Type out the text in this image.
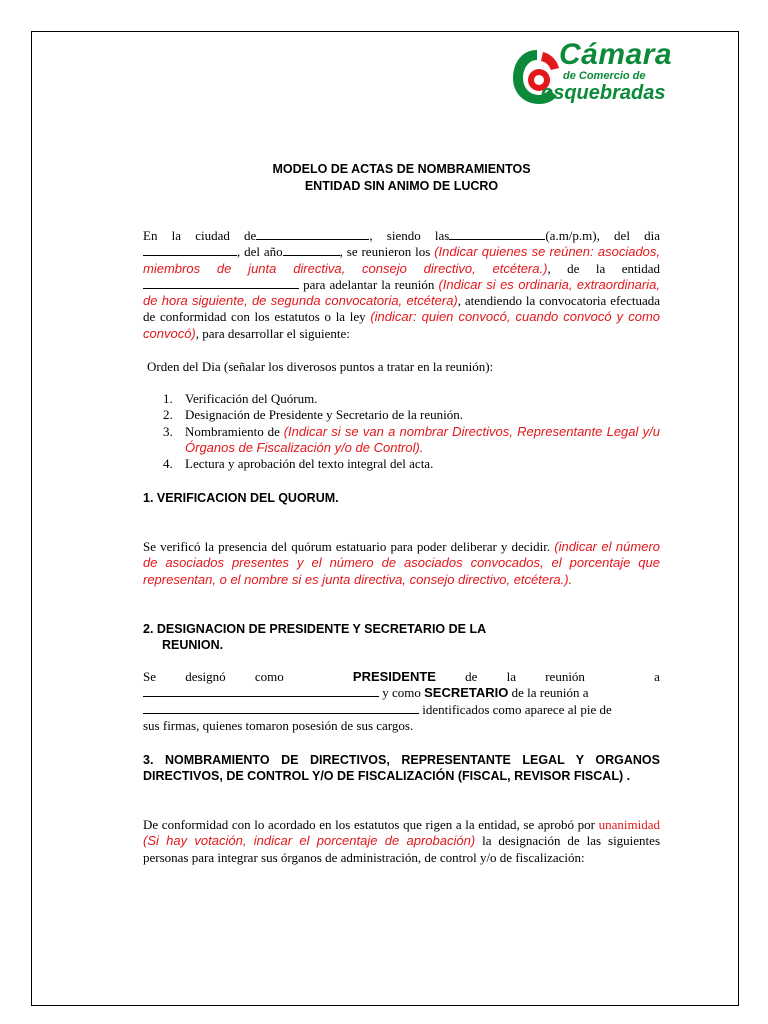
Cámara
de Comercio de
osquebradas
MODELO DE ACTAS DE NOMBRAMIENTOS
ENTIDAD SIN ANIMO DE LUCRO
En la ciudad de	, siendo las	(a.m/p.m), del dia , del año	, se reunieron los (Indicar quienes se reúnen: asociados, miembros de junta directiva, consejo directivo, etcétera.), de la entidad  para adelantar la reunión (Indicar si es ordinaria, extraordinaria, de hora siguiente, de segunda convocatoria, etcétera), atendiendo la convocatoria efectuada de conformidad con los estatutos o la ley (indicar: quien convocó, cuando convocó y como convocó), para desarrollar el siguiente:
Orden del Dia (señalar los diverosos puntos a tratar en la reunión):
1. Verificación del Quórum.
2. Designación de Presidente y Secretario de la reunión.
3. Nombramiento de (Indicar si se van a nombrar Directivos, Representante Legal y/u Órganos de Fiscalización y/o de Control).
4. Lectura y aprobación del texto integral del acta.
1. VERIFICACION DEL QUORUM.
Se verificó la presencia del quórum estatuario para poder deliberar y decidir. (indicar el número de asociados presentes y el número de asociados convocados, el porcentaje que representan, o el nombre si es junta directiva, consejo directivo, etcétera.).
2. DESIGNACION DE PRESIDENTE Y SECRETARIO DE LA
REUNION.
Se designó como	PRESIDENTE de la reunión	a
y como SECRETARIO de la reunión a
identificados como aparece al pie de
sus firmas, quienes tomaron posesión de sus cargos.
3. NOMBRAMIENTO DE DIRECTIVOS, REPRESENTANTE LEGAL Y ORGANOS DIRECTIVOS, DE CONTROL Y/O DE FISCALIZACIÓN (FISCAL, REVISOR FISCAL) .
De conformidad con lo acordado en los estatutos que rigen a la entidad, se aprobó por unanimidad (Si hay votación, indicar el porcentaje de aprobación) la designación de las siguientes personas para integrar sus órganos de administración, de control y/o de fiscalización:
